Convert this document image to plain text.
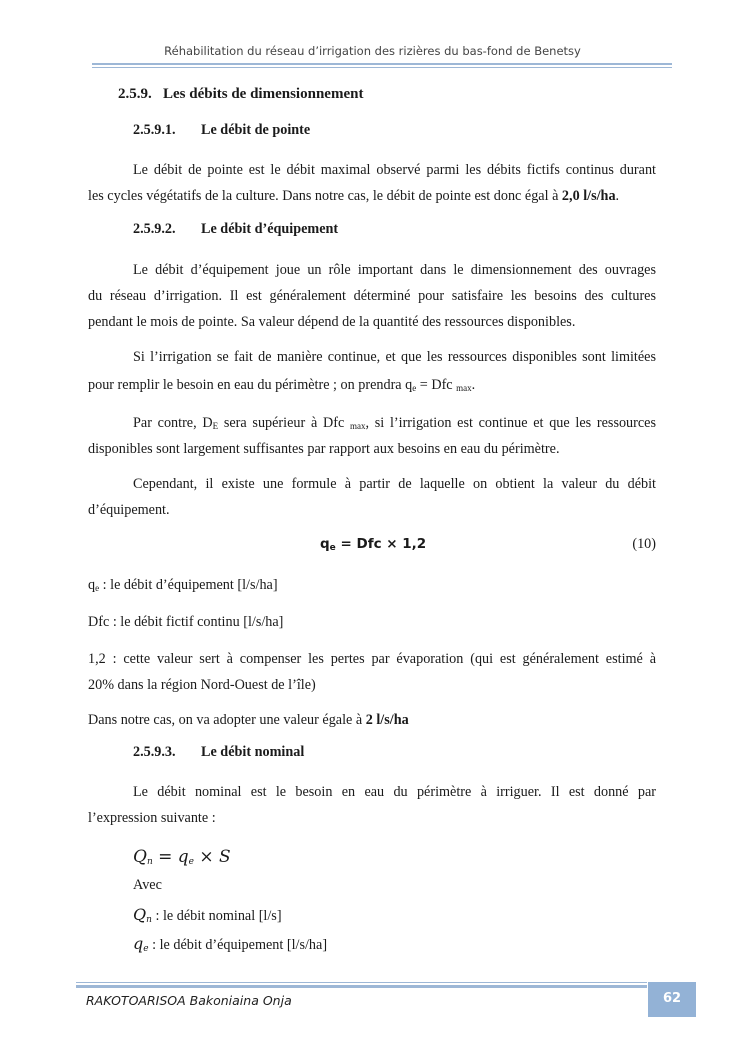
Réhabilitation du réseau d’irrigation des rizières du bas-fond de Benetsy
2.5.9. Les débits de dimensionnement
2.5.9.1. Le débit de pointe
Le débit de pointe est le débit maximal observé parmi les débits fictifs continus durant
les cycles végétatifs de la culture. Dans notre cas, le débit de pointe est donc égal à 2,0 l/s/ha.
2.5.9.2. Le débit d’équipement
Le débit d’équipement joue un rôle important dans le dimensionnement des ouvrages
du réseau d’irrigation. Il est généralement déterminé pour satisfaire les besoins des cultures
pendant le mois de pointe. Sa valeur dépend de la quantité des ressources disponibles.
Si l’irrigation se fait de manière continue, et que les ressources disponibles sont limitées
pour remplir le besoin en eau du périmètre ; on prendra $q_e$ = Dfc $_{max}$.
Par contre, $D_E$ sera supérieur à Dfc $_{max}$, si l’irrigation est continue et que les ressources
disponibles sont largement suffisantes par rapport aux besoins en eau du périmètre.
Cependant, il existe une formule à partir de laquelle on obtient la valeur du débit
d’équipement.
$q_e$ = Dfc × 1,2	(10)
$q_e$ : le débit d’équipement [l/s/ha]
Dfc : le débit fictif continu [l/s/ha]
1,2 : cette valeur sert à compenser les pertes par évaporation (qui est généralement estimé à
20% dans la région Nord-Ouest de l’île)
Dans notre cas, on va adopter une valeur égale à 2 l/s/ha
2.5.9.3. Le débit nominal
Le débit nominal est le besoin en eau du périmètre à irriguer. Il est donné par
l’expression suivante :
$Q_n = q_e \times S$
Avec
$Q_n$ : le débit nominal [l/s]
$q_e$ : le débit d’équipement [l/s/ha]
RAKOTOARISOA Bakoniaina Onja	62
